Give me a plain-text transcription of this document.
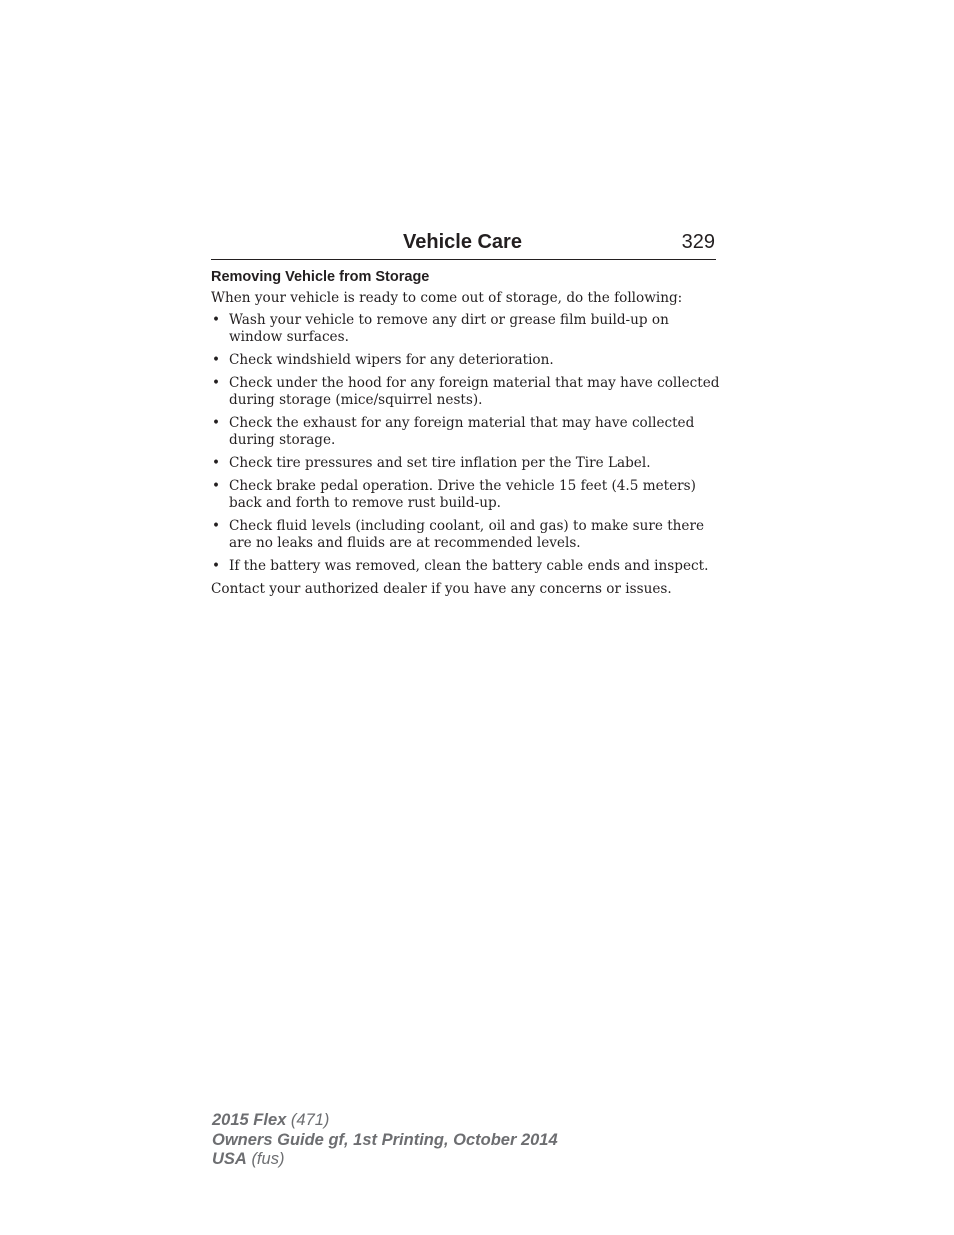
Vehicle Care	329
Removing Vehicle from Storage

When your vehicle is ready to come out of storage, do the following:

• Wash your vehicle to remove any dirt or grease film build-up on
window surfaces.
• Check windshield wipers for any deterioration.
• Check under the hood for any foreign material that may have collected
during storage (mice/squirrel nests).
• Check the exhaust for any foreign material that may have collected
during storage.
• Check tire pressures and set tire inflation per the Tire Label.
• Check brake pedal operation. Drive the vehicle 15 feet (4.5 meters)
back and forth to remove rust build-up.
• Check fluid levels (including coolant, oil and gas) to make sure there
are no leaks and fluids are at recommended levels.
• If the battery was removed, clean the battery cable ends and inspect.

Contact your authorized dealer if you have any concerns or issues.

2015 Flex (471)
Owners Guide gf, 1st Printing, October 2014
USA (fus)
